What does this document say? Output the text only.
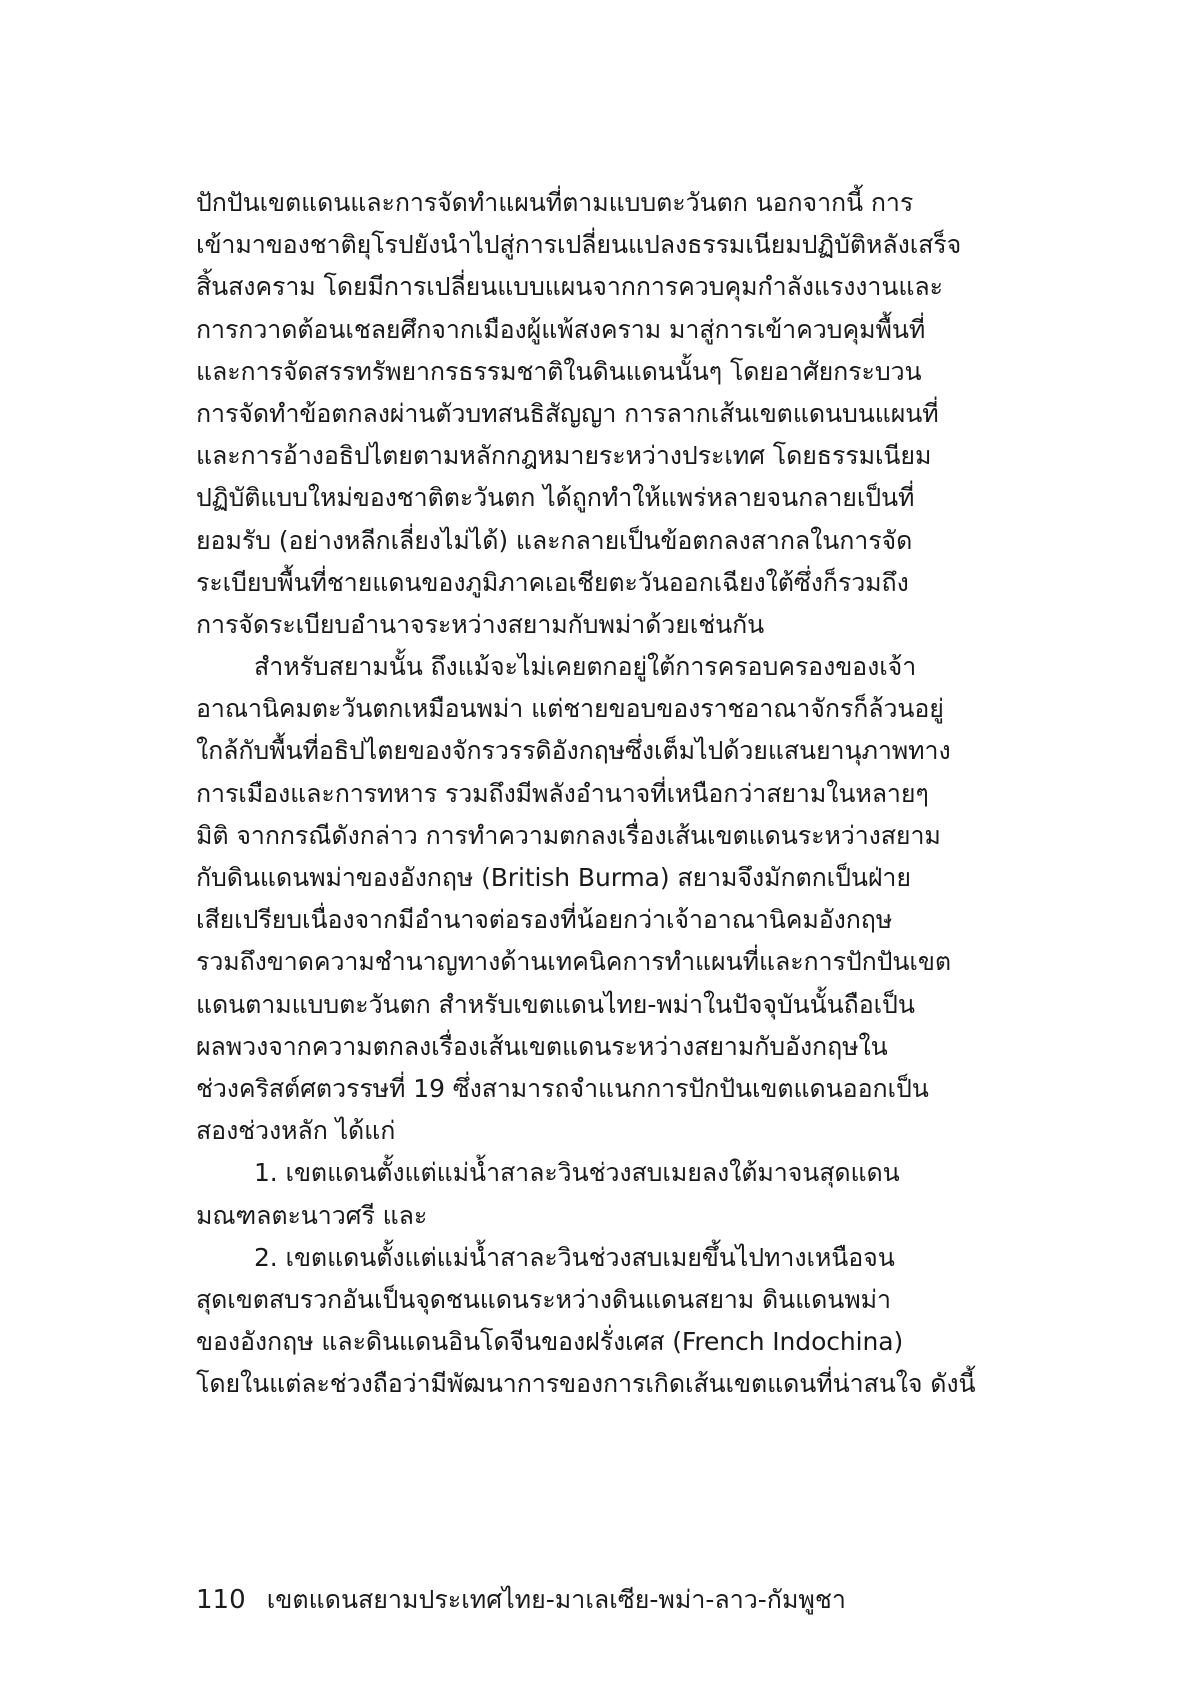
ปักปันเขตแดนและการจัดทำแผนที่ตามแบบตะวันตก นอกจากนี้ การ
เข้ามาของชาติยุโรปยังนำไปสู่การเปลี่ยนแปลงธรรมเนียมปฏิบัติหลังเสร็จ
สิ้นสงคราม โดยมีการเปลี่ยนแบบแผนจากการควบคุมกำลังแรงงานและ
การกวาดต้อนเชลยศึกจากเมืองผู้แพ้สงคราม มาสู่การเข้าควบคุมพื้นที่
และการจัดสรรทรัพยากรธรรมชาติในดินแดนนั้นๆ โดยอาศัยกระบวน
การจัดทำข้อตกลงผ่านตัวบทสนธิสัญญา การลากเส้นเขตแดนบนแผนที่
และการอ้างอธิปไตยตามหลักกฎหมายระหว่างประเทศ โดยธรรมเนียม
ปฏิบัติแบบใหม่ของชาติตะวันตก ได้ถูกทำให้แพร่หลายจนกลายเป็นที่
ยอมรับ (อย่างหลีกเลี่ยงไม่ได้) และกลายเป็นข้อตกลงสากลในการจัด
ระเบียบพื้นที่ชายแดนของภูมิภาคเอเชียตะวันออกเฉียงใต้ซึ่งก็รวมถึง
การจัดระเบียบอำนาจระหว่างสยามกับพม่าด้วยเช่นกัน
สำหรับสยามนั้น ถึงแม้จะไม่เคยตกอยู่ใต้การครอบครองของเจ้า
อาณานิคมตะวันตกเหมือนพม่า แต่ชายขอบของราชอาณาจักรก็ล้วนอยู่
ใกล้กับพื้นที่อธิปไตยของจักรวรรดิอังกฤษซึ่งเต็มไปด้วยแสนยานุภาพทาง
การเมืองและการทหาร รวมถึงมีพลังอำนาจที่เหนือกว่าสยามในหลายๆ
มิติ จากกรณีดังกล่าว การทำความตกลงเรื่องเส้นเขตแดนระหว่างสยาม
กับดินแดนพม่าของอังกฤษ (British Burma) สยามจึงมักตกเป็นฝ่าย
เสียเปรียบเนื่องจากมีอำนาจต่อรองที่น้อยกว่าเจ้าอาณานิคมอังกฤษ
รวมถึงขาดความชำนาญทางด้านเทคนิคการทำแผนที่และการปักปันเขต
แดนตามแบบตะวันตก สำหรับเขตแดนไทย-พม่าในปัจจุบันนั้นถือเป็น
ผลพวงจากความตกลงเรื่องเส้นเขตแดนระหว่างสยามกับอังกฤษใน
ช่วงคริสต์ศตวรรษที่ 19 ซึ่งสามารถจำแนกการปักปันเขตแดนออกเป็น
สองช่วงหลัก ได้แก่
1. เขตแดนตั้งแต่แม่น้ำสาละวินช่วงสบเมยลงใต้มาจนสุดแดน
มณฑลตะนาวศรี และ
2. เขตแดนตั้งแต่แม่น้ำสาละวินช่วงสบเมยขึ้นไปทางเหนือจน
สุดเขตสบรวกอันเป็นจุดชนแดนระหว่างดินแดนสยาม ดินแดนพม่า
ของอังกฤษ และดินแดนอินโดจีนของฝรั่งเศส (French Indochina)
โดยในแต่ละช่วงถือว่ามีพัฒนาการของการเกิดเส้นเขตแดนที่น่าสนใจ ดังนี้
110 เขตแดนสยามประเทศไทย-มาเลเซีย-พม่า-ลาว-กัมพูชา
